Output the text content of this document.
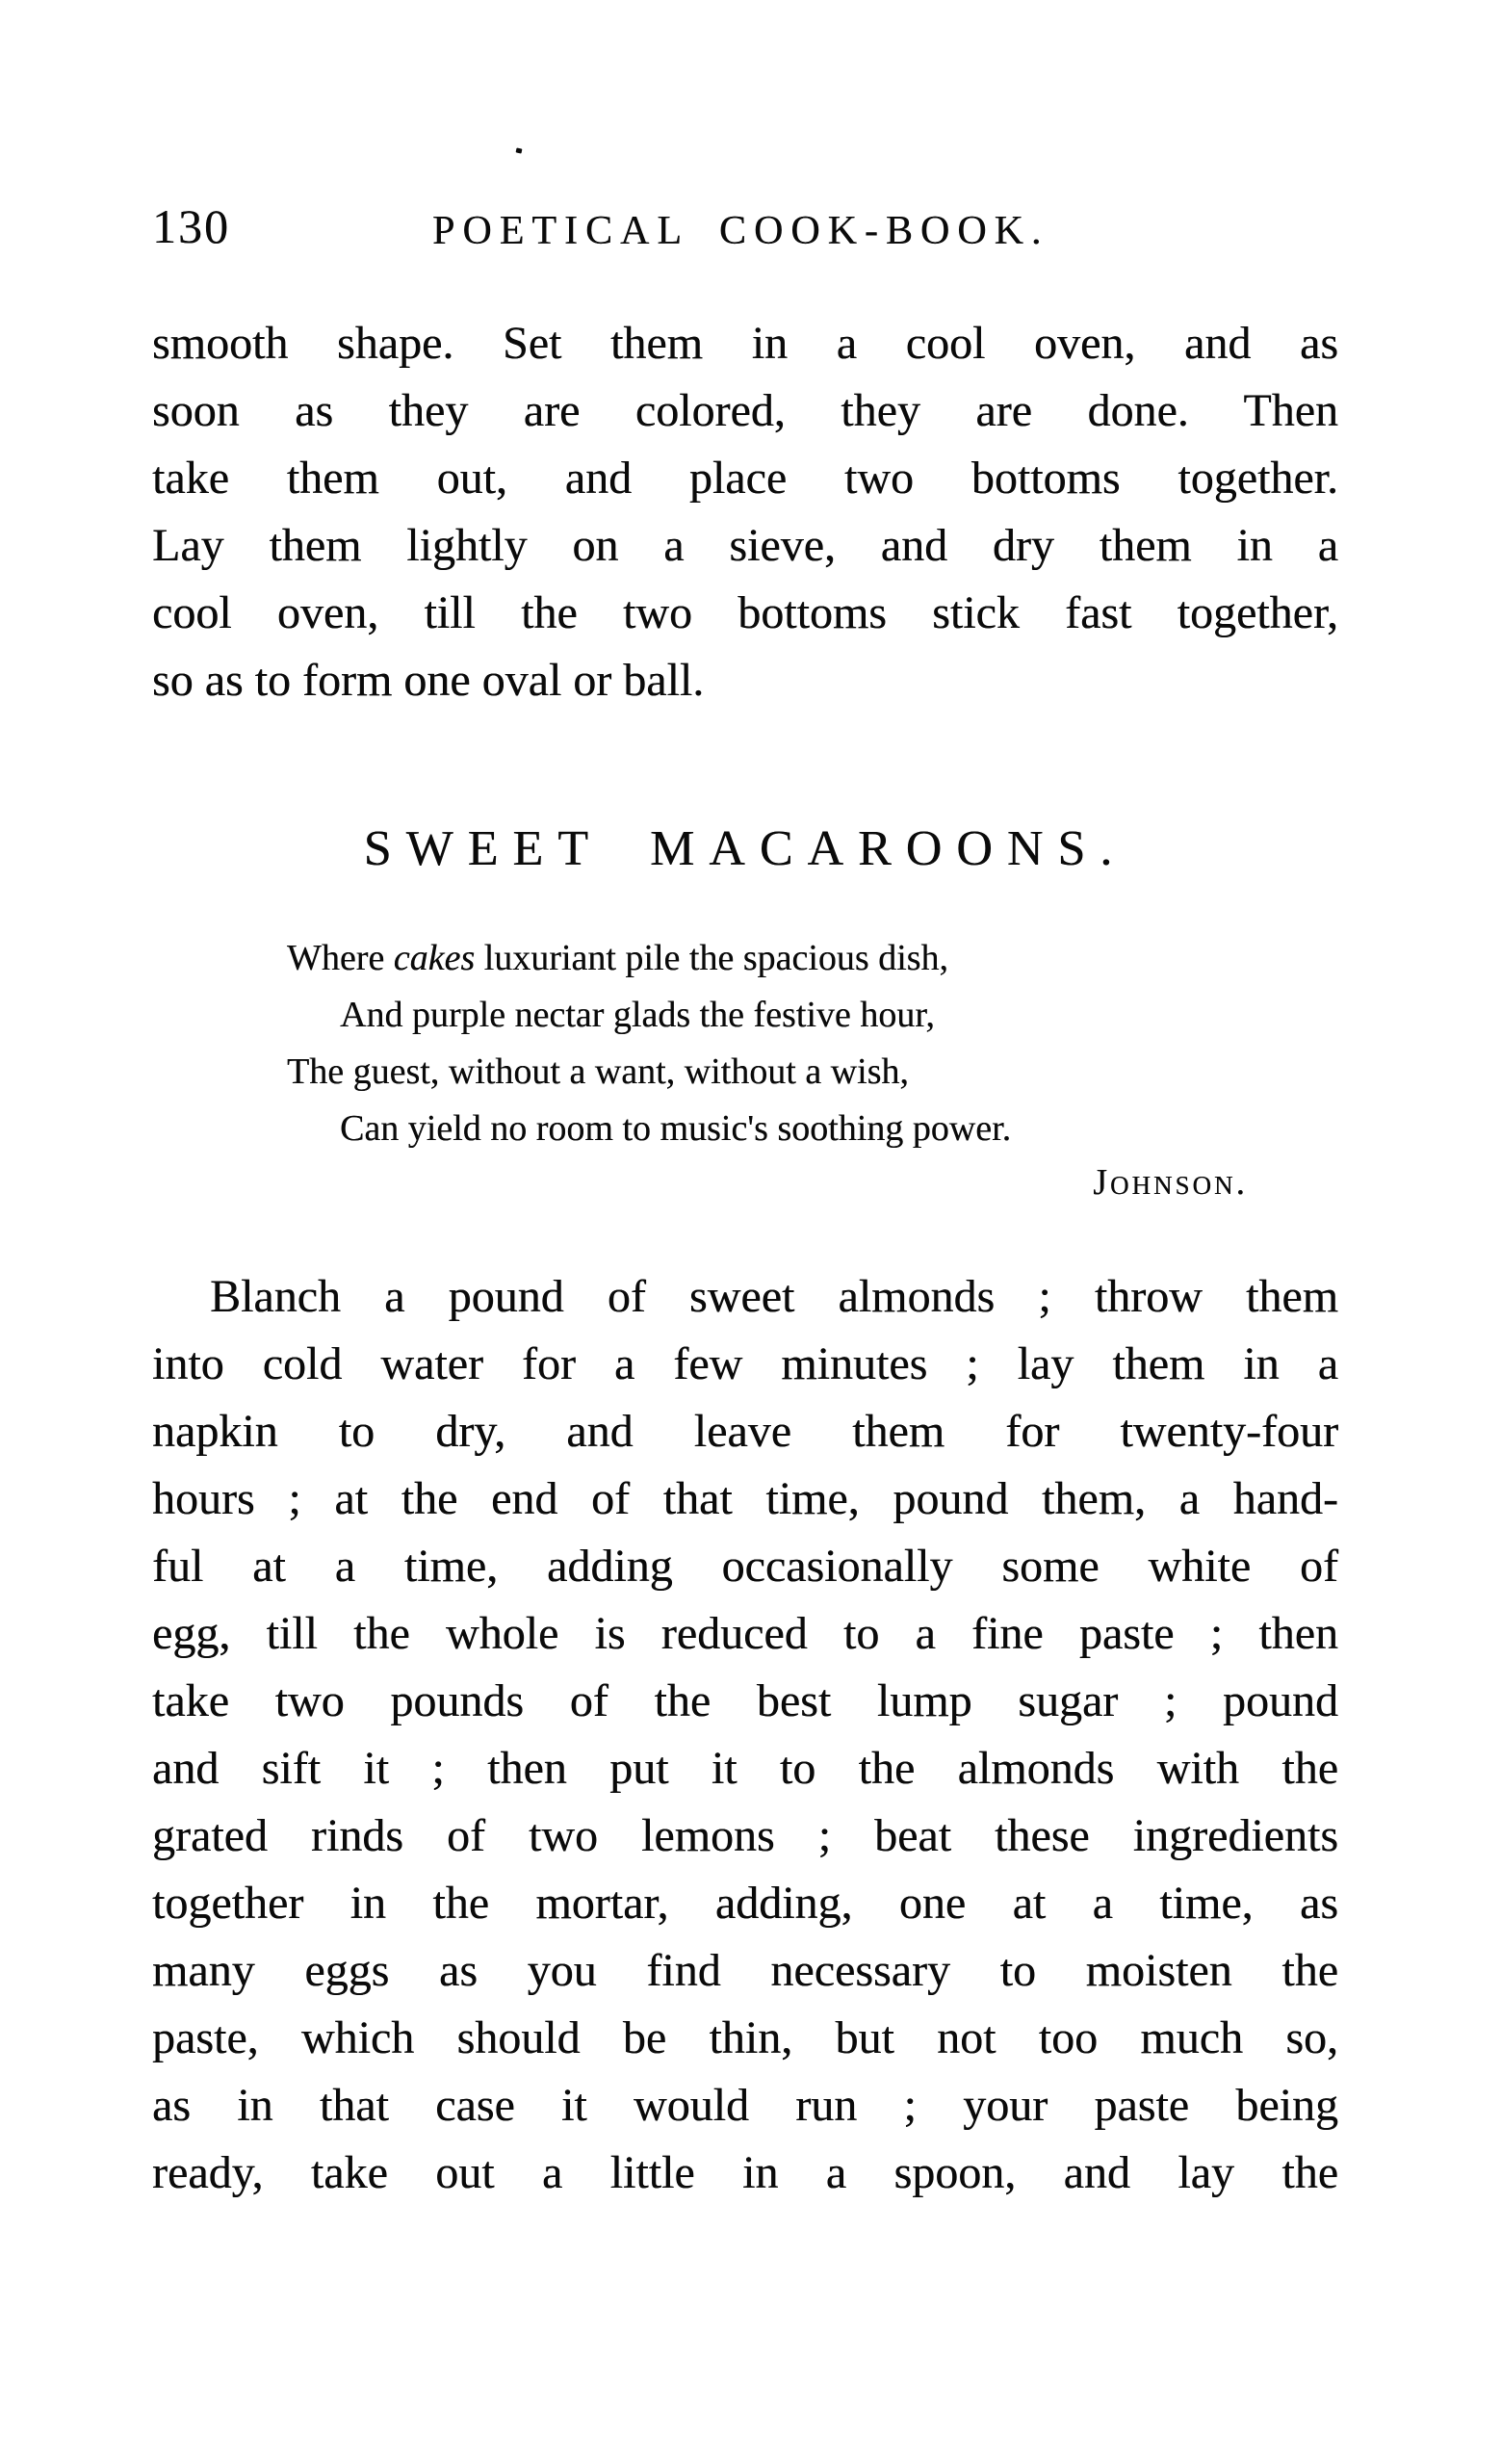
130	POETICAL COOK-BOOK.
smooth shape. Set them in a cool oven, and as
soon as they are colored, they are done. Then
take them out, and place two bottoms together.
Lay them lightly on a sieve, and dry them in a
cool oven, till the two bottoms stick fast together,
so as to form one oval or ball.
SWEET MACAROONS.
Where cakes luxuriant pile the spacious dish,
And purple nectar glads the festive hour,
The guest, without a want, without a wish,
Can yield no room to music's soothing power.
Johnson.
Blanch a pound of sweet almonds ; throw them
into cold water for a few minutes ; lay them in a
napkin to dry, and leave them for twenty-four
hours ; at the end of that time, pound them, a hand-
ful at a time, adding occasionally some white of
egg, till the whole is reduced to a fine paste ; then
take two pounds of the best lump sugar ; pound
and sift it ; then put it to the almonds with the
grated rinds of two lemons ; beat these ingredients
together in the mortar, adding, one at a time, as
many eggs as you find necessary to moisten the
paste, which should be thin, but not too much so,
as in that case it would run ; your paste being
ready, take out a little in a spoon, and lay the
